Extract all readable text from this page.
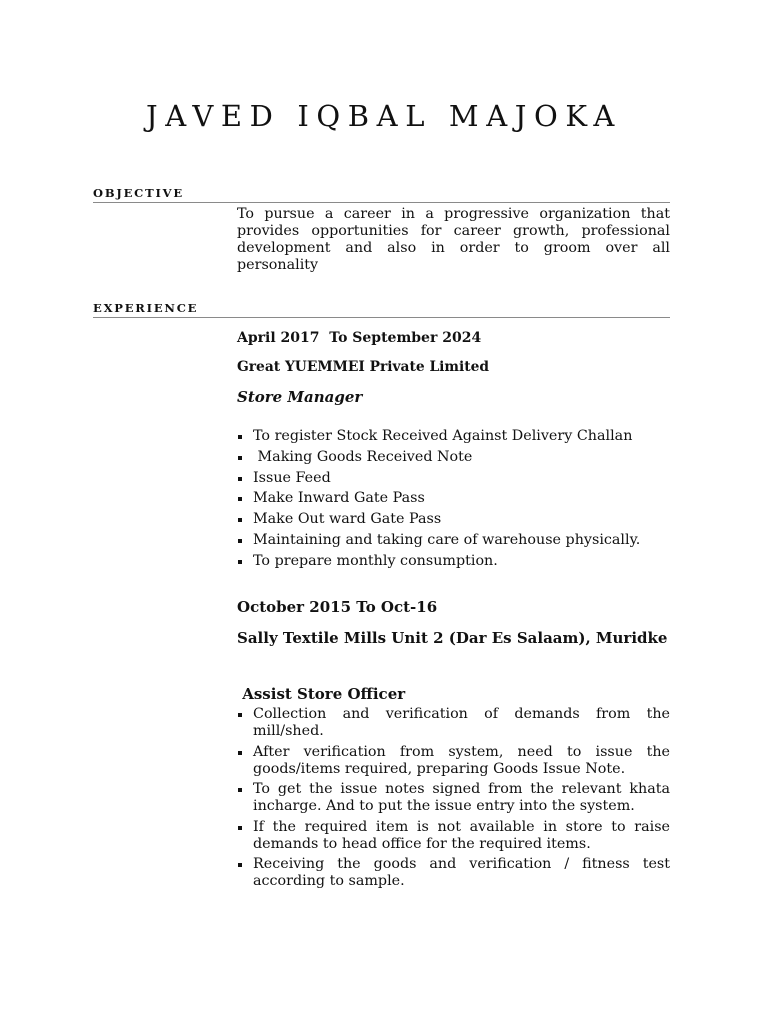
JAVED IQBAL MAJOKA
OBJECTIVE

To pursue a career in a progressive organization that provides opportunities for career growth, professional development and also in order to groom over all personality

EXPERIENCE
April 2017  To September 2024
Great YUEMMEI Private Limited
Store Manager
To register Stock Received Against Delivery Challan
Making Goods Received Note
Issue Feed
Make Inward Gate Pass
Make Out ward Gate Pass
Maintaining and taking care of warehouse physically.
To prepare monthly consumption.
October 2015 To Oct-16
Sally Textile Mills Unit 2 (Dar Es Salaam), Muridke
Assist Store Officer
Collection and verification of demands from the mill/shed.
After verification from system, need to issue the goods/items required, preparing Goods Issue Note.
To get the issue notes signed from the relevant khata incharge. And to put the issue entry into the system.
If the required item is not available in store to raise demands to head office for the required items.
Receiving the goods and verification / fitness test according to sample.
